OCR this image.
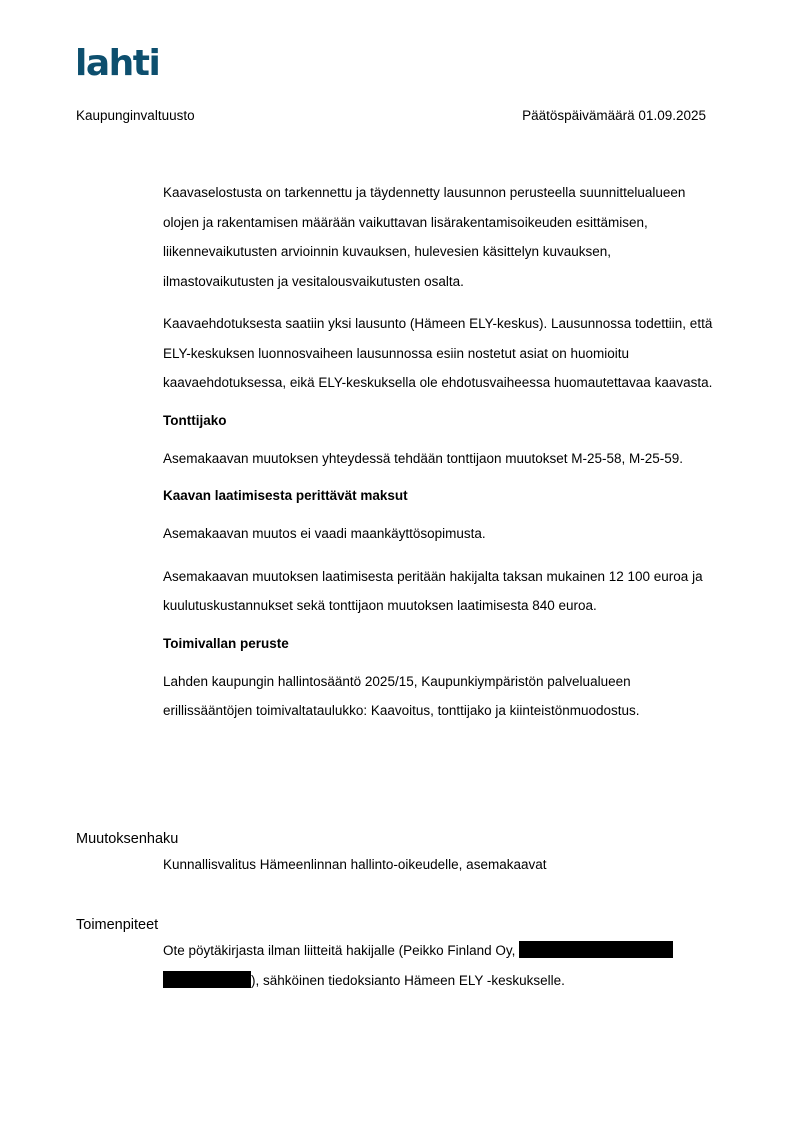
lahti
Kaupunginvaltuusto	Päätöspäivämäärä 01.09.2025

Kaavaselostusta on tarkennettu ja täydennetty lausunnon perusteella suunnittelualueen olojen ja rakentamisen määrään vaikuttavan lisärakentamisoikeuden esittämisen, liikennevaikutusten arvioinnin kuvauksen, hulevesien käsittelyn kuvauksen, ilmastovaikutusten ja vesitalousvaikutusten osalta.

Kaavaehdotuksesta saatiin yksi lausunto (Hämeen ELY-keskus). Lausunnossa todettiin, että ELY-keskuksen luonnosvaiheen lausunnossa esiin nostetut asiat on huomioitu kaavaehdotuksessa, eikä ELY-keskuksella ole ehdotusvaiheessa huomautettavaa kaavasta.

Tonttijako

Asemakaavan muutoksen yhteydessä tehdään tonttijaon muutokset M-25-58, M-25-59.

Kaavan laatimisesta perittävät maksut

Asemakaavan muutos ei vaadi maankäyttösopimusta.

Asemakaavan muutoksen laatimisesta peritään hakijalta taksan mukainen 12 100 euroa ja kuulutuskustannukset sekä tonttijaon muutoksen laatimisesta 840 euroa.

Toimivallan peruste

Lahden kaupungin hallintosääntö 2025/15, Kaupunkiympäristön palvelualueen erillissääntöjen toimivaltataulukko: Kaavoitus, tonttijako ja kiinteistönmuodostus.

Muutoksenhaku
Kunnallisvalitus Hämeenlinnan hallinto-oikeudelle, asemakaavat
Toimenpiteet
Ote pöytäkirjasta ilman liitteitä hakijalle (Peikko Finland Oy,
), sähköinen tiedoksianto Hämeen ELY -keskukselle.
